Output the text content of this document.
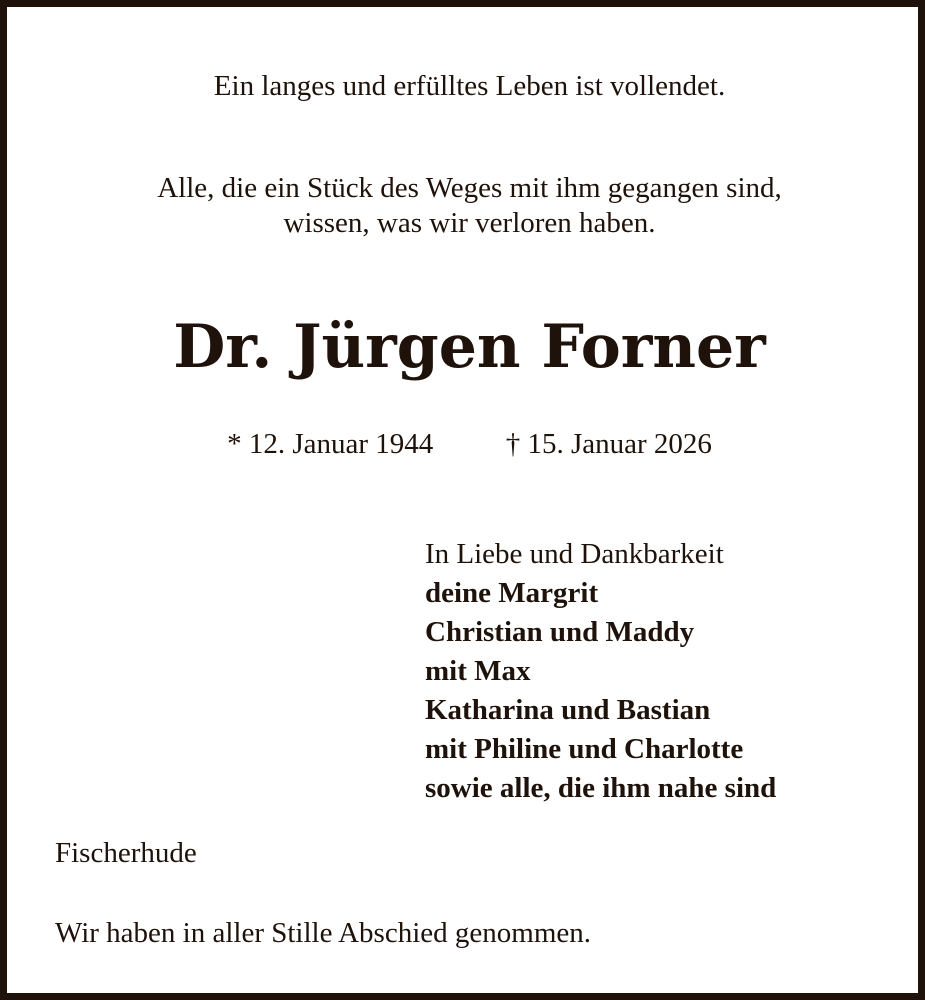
Ein langes und erfülltes Leben ist vollendet.
Alle, die ein Stück des Weges mit ihm gegangen sind,
wissen, was wir verloren haben.
Dr. Jürgen Forner
* 12. Januar 1944	† 15. Januar 2026
In Liebe und Dankbarkeit
deine Margrit
Christian und Maddy
mit Max
Katharina und Bastian
mit Philine und Charlotte
sowie alle, die ihm nahe sind
Fischerhude
Wir haben in aller Stille Abschied genommen.
